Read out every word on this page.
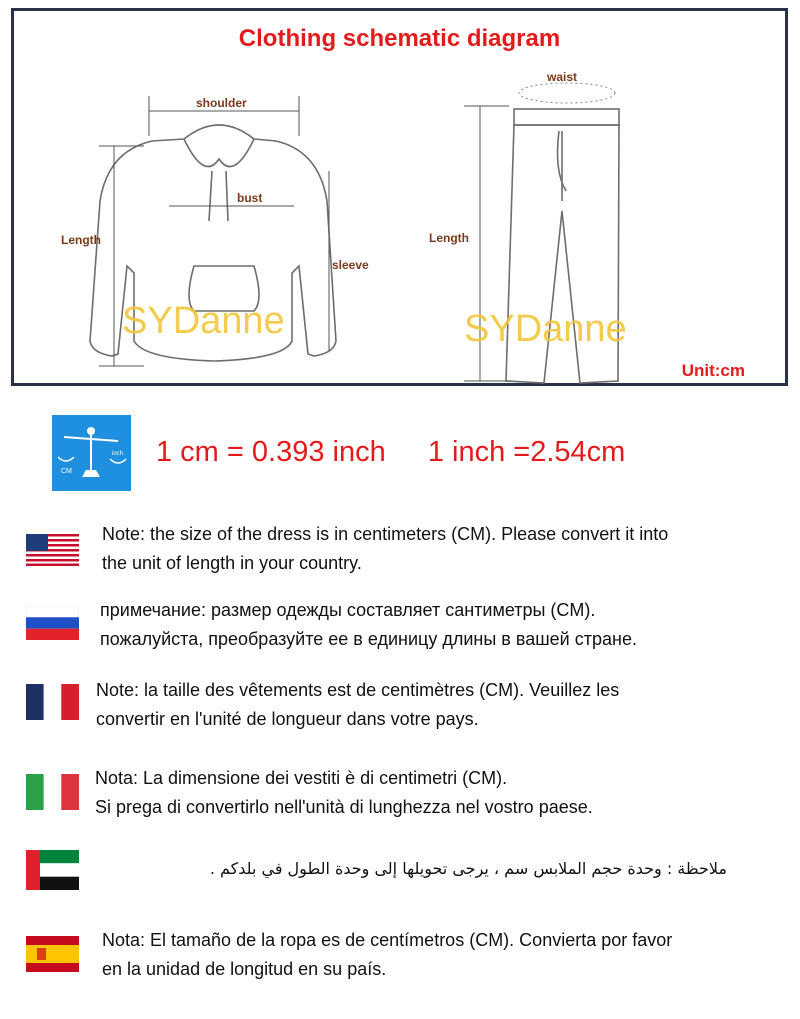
shoulder
bust
Length
sleeve
SYDanne
waist
Length
SYDanne
Clothing schematic diagram
Unit:cm
CM
inch 1 cm = 0.393 inch 1 inch =2.54cm
Note: the size of the dress is in centimeters (CM). Please convert it into
the unit of length in your country.
примечание: размер одежды составляет сантиметры (CM).
пожалуйста, преобразуйте ее в единицу длины в вашей стране.
Note: la taille des vêtements est de centimètres (CM). Veuillez les
convertir en l'unité de longueur dans votre pays.
Nota: La dimensione dei vestiti è di centimetri (CM).
Si prega di convertirlo nell'unità di lunghezza nel vostro paese.
ملاحظة : وحدة حجم الملابس سم ، يرجى تحويلها إلى وحدة الطول في بلدكم .
Nota: El tamaño de la ropa es de centímetros (CM). Convierta por favor
en la unidad de longitud en su país.
